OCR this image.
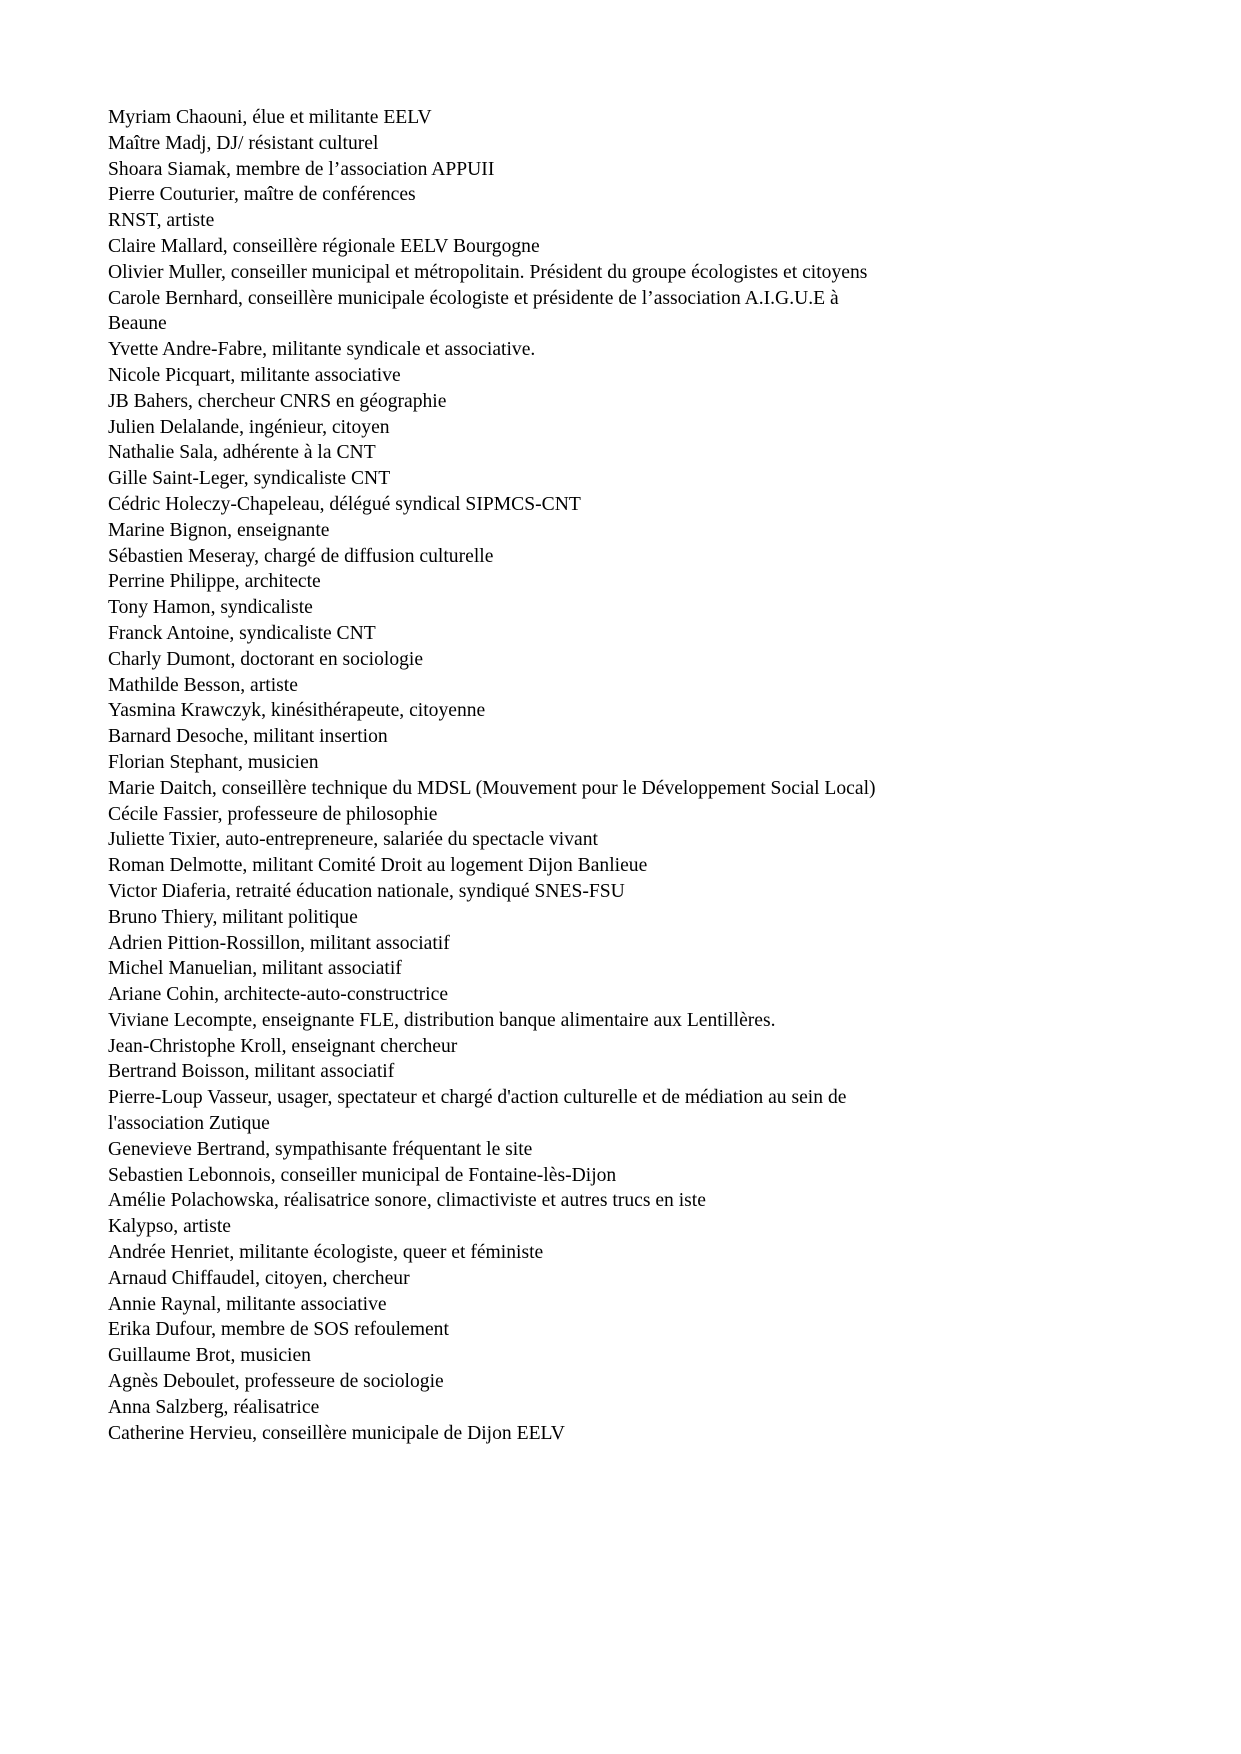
Myriam Chaouni, élue et militante EELV
Maître Madj, DJ/ résistant culturel
Shoara Siamak, membre de l’association APPUII
Pierre Couturier, maître de conférences
RNST, artiste
Claire Mallard, conseillère régionale EELV Bourgogne
Olivier Muller, conseiller municipal et métropolitain. Président du groupe écologistes et citoyens
Carole Bernhard, conseillère municipale écologiste et présidente de l’association A.I.G.U.E à
Beaune
Yvette Andre-Fabre, militante syndicale et associative.
Nicole Picquart, militante associative
JB Bahers, chercheur CNRS en géographie
Julien Delalande, ingénieur, citoyen
Nathalie Sala, adhérente à la CNT
Gille Saint-Leger, syndicaliste CNT
Cédric Holeczy-Chapeleau, délégué syndical SIPMCS-CNT
Marine Bignon, enseignante
Sébastien Meseray, chargé de diffusion culturelle
Perrine Philippe, architecte
Tony Hamon, syndicaliste
Franck Antoine, syndicaliste CNT
Charly Dumont, doctorant en sociologie
Mathilde Besson, artiste
Yasmina Krawczyk, kinésithérapeute, citoyenne
Barnard Desoche, militant insertion
Florian Stephant, musicien
Marie Daitch, conseillère technique du MDSL (Mouvement pour le Développement Social Local)
Cécile Fassier, professeure de philosophie
Juliette Tixier, auto-entrepreneure, salariée du spectacle vivant
Roman Delmotte, militant Comité Droit au logement Dijon Banlieue
Victor Diaferia, retraité éducation nationale, syndiqué SNES-FSU
Bruno Thiery, militant politique
Adrien Pittion-Rossillon, militant associatif
Michel Manuelian, militant associatif
Ariane Cohin, architecte-auto-constructrice
Viviane Lecompte, enseignante FLE, distribution banque alimentaire aux Lentillères.
Jean-Christophe Kroll, enseignant chercheur
Bertrand Boisson, militant associatif
Pierre-Loup Vasseur, usager, spectateur et chargé d'action culturelle et de médiation au sein de
l'association Zutique
Genevieve Bertrand, sympathisante fréquentant le site
Sebastien Lebonnois, conseiller municipal de Fontaine-lès-Dijon
Amélie Polachowska, réalisatrice sonore, climactiviste et autres trucs en iste
Kalypso, artiste
Andrée Henriet, militante écologiste, queer et féministe
Arnaud Chiffaudel, citoyen, chercheur
Annie Raynal, militante associative
Erika Dufour, membre de SOS refoulement
Guillaume Brot, musicien
Agnès Deboulet, professeure de sociologie
Anna Salzberg, réalisatrice
Catherine Hervieu, conseillère municipale de Dijon EELV
